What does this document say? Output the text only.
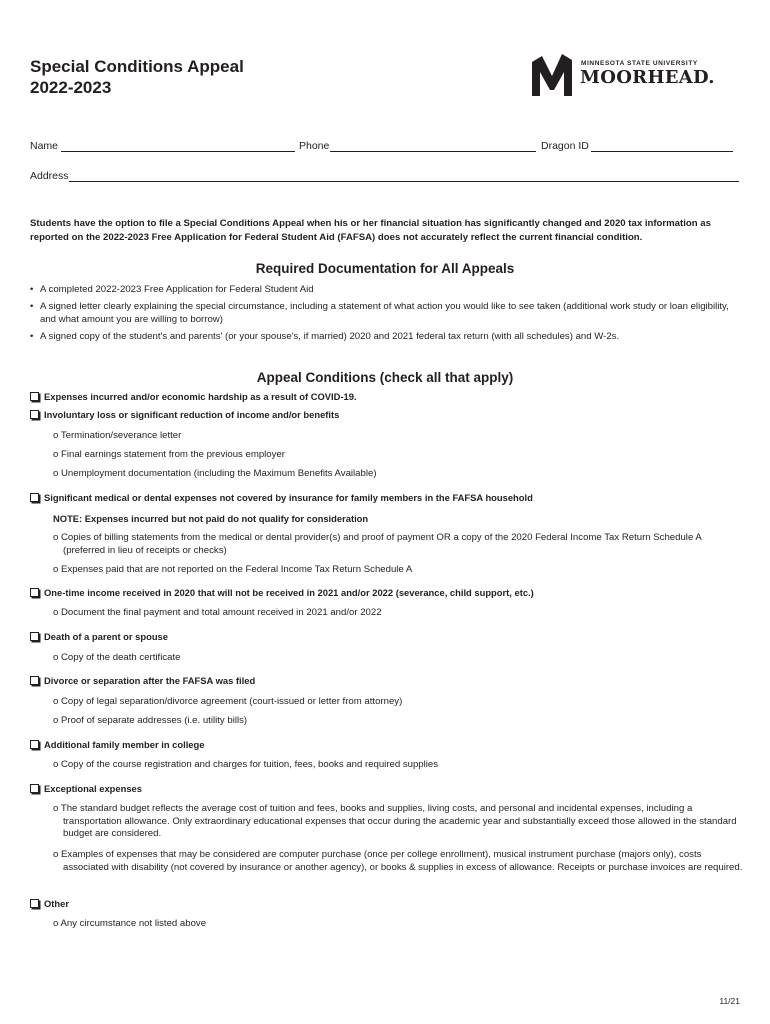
Special Conditions Appeal
2022-2023
MINNESOTA STATE UNIVERSITY
MOORHEAD.
Name	Phone	Dragon ID
Address
Students have the option to file a Special Conditions Appeal when his or her financial situation has significantly changed and 2020 tax information as reported on the 2022-2023 Free Application for Federal Student Aid (FAFSA) does not accurately reflect the current financial condition.
Required Documentation for All Appeals
• A completed 2022-2023 Free Application for Federal Student Aid
• A signed letter clearly explaining the special circumstance, including a statement of what action you would like to see taken (additional work study or loan eligibility, and what amount you are willing to borrow)
• A signed copy of the student's and parents' (or your spouse's, if married) 2020 and 2021 federal tax return (with all schedules) and W-2s.
Appeal Conditions (check all that apply)
Expenses incurred and/or economic hardship as a result of COVID-19.
Involuntary loss or significant reduction of income and/or benefits
o Termination/severance letter
o Final earnings statement from the previous employer
o Unemployment documentation (including the Maximum Benefits Available)
Significant medical or dental expenses not covered by insurance for family members in the FAFSA household
NOTE: Expenses incurred but not paid do not qualify for consideration
o Copies of billing statements from the medical or dental provider(s) and proof of payment OR a copy of the 2020 Federal Income Tax Return Schedule A (preferred in lieu of receipts or checks)
o Expenses paid that are not reported on the Federal Income Tax Return Schedule A
One-time income received in 2020 that will not be received in 2021 and/or 2022 (severance, child support, etc.)
o Document the final payment and total amount received in 2021 and/or 2022
Death of a parent or spouse
o Copy of the death certificate
Divorce or separation after the FAFSA was filed
o Copy of legal separation/divorce agreement (court-issued or letter from attorney)
o Proof of separate addresses (i.e. utility bills)
Additional family member in college
o Copy of the course registration and charges for tuition, fees, books and required supplies
Exceptional expenses
o The standard budget reflects the average cost of tuition and fees, books and supplies, living costs, and personal and incidental expenses, including a transportation allowance. Only extraordinary educational expenses that occur during the academic year and substantially exceed those allowed in the standard budget are considered.
o Examples of expenses that may be considered are computer purchase (once per college enrollment), musical instrument purchase (majors only), costs associated with disability (not covered by insurance or another agency), or books & supplies in excess of allowance. Receipts or purchase invoices are required.
Other
o Any circumstance not listed above
11/21
